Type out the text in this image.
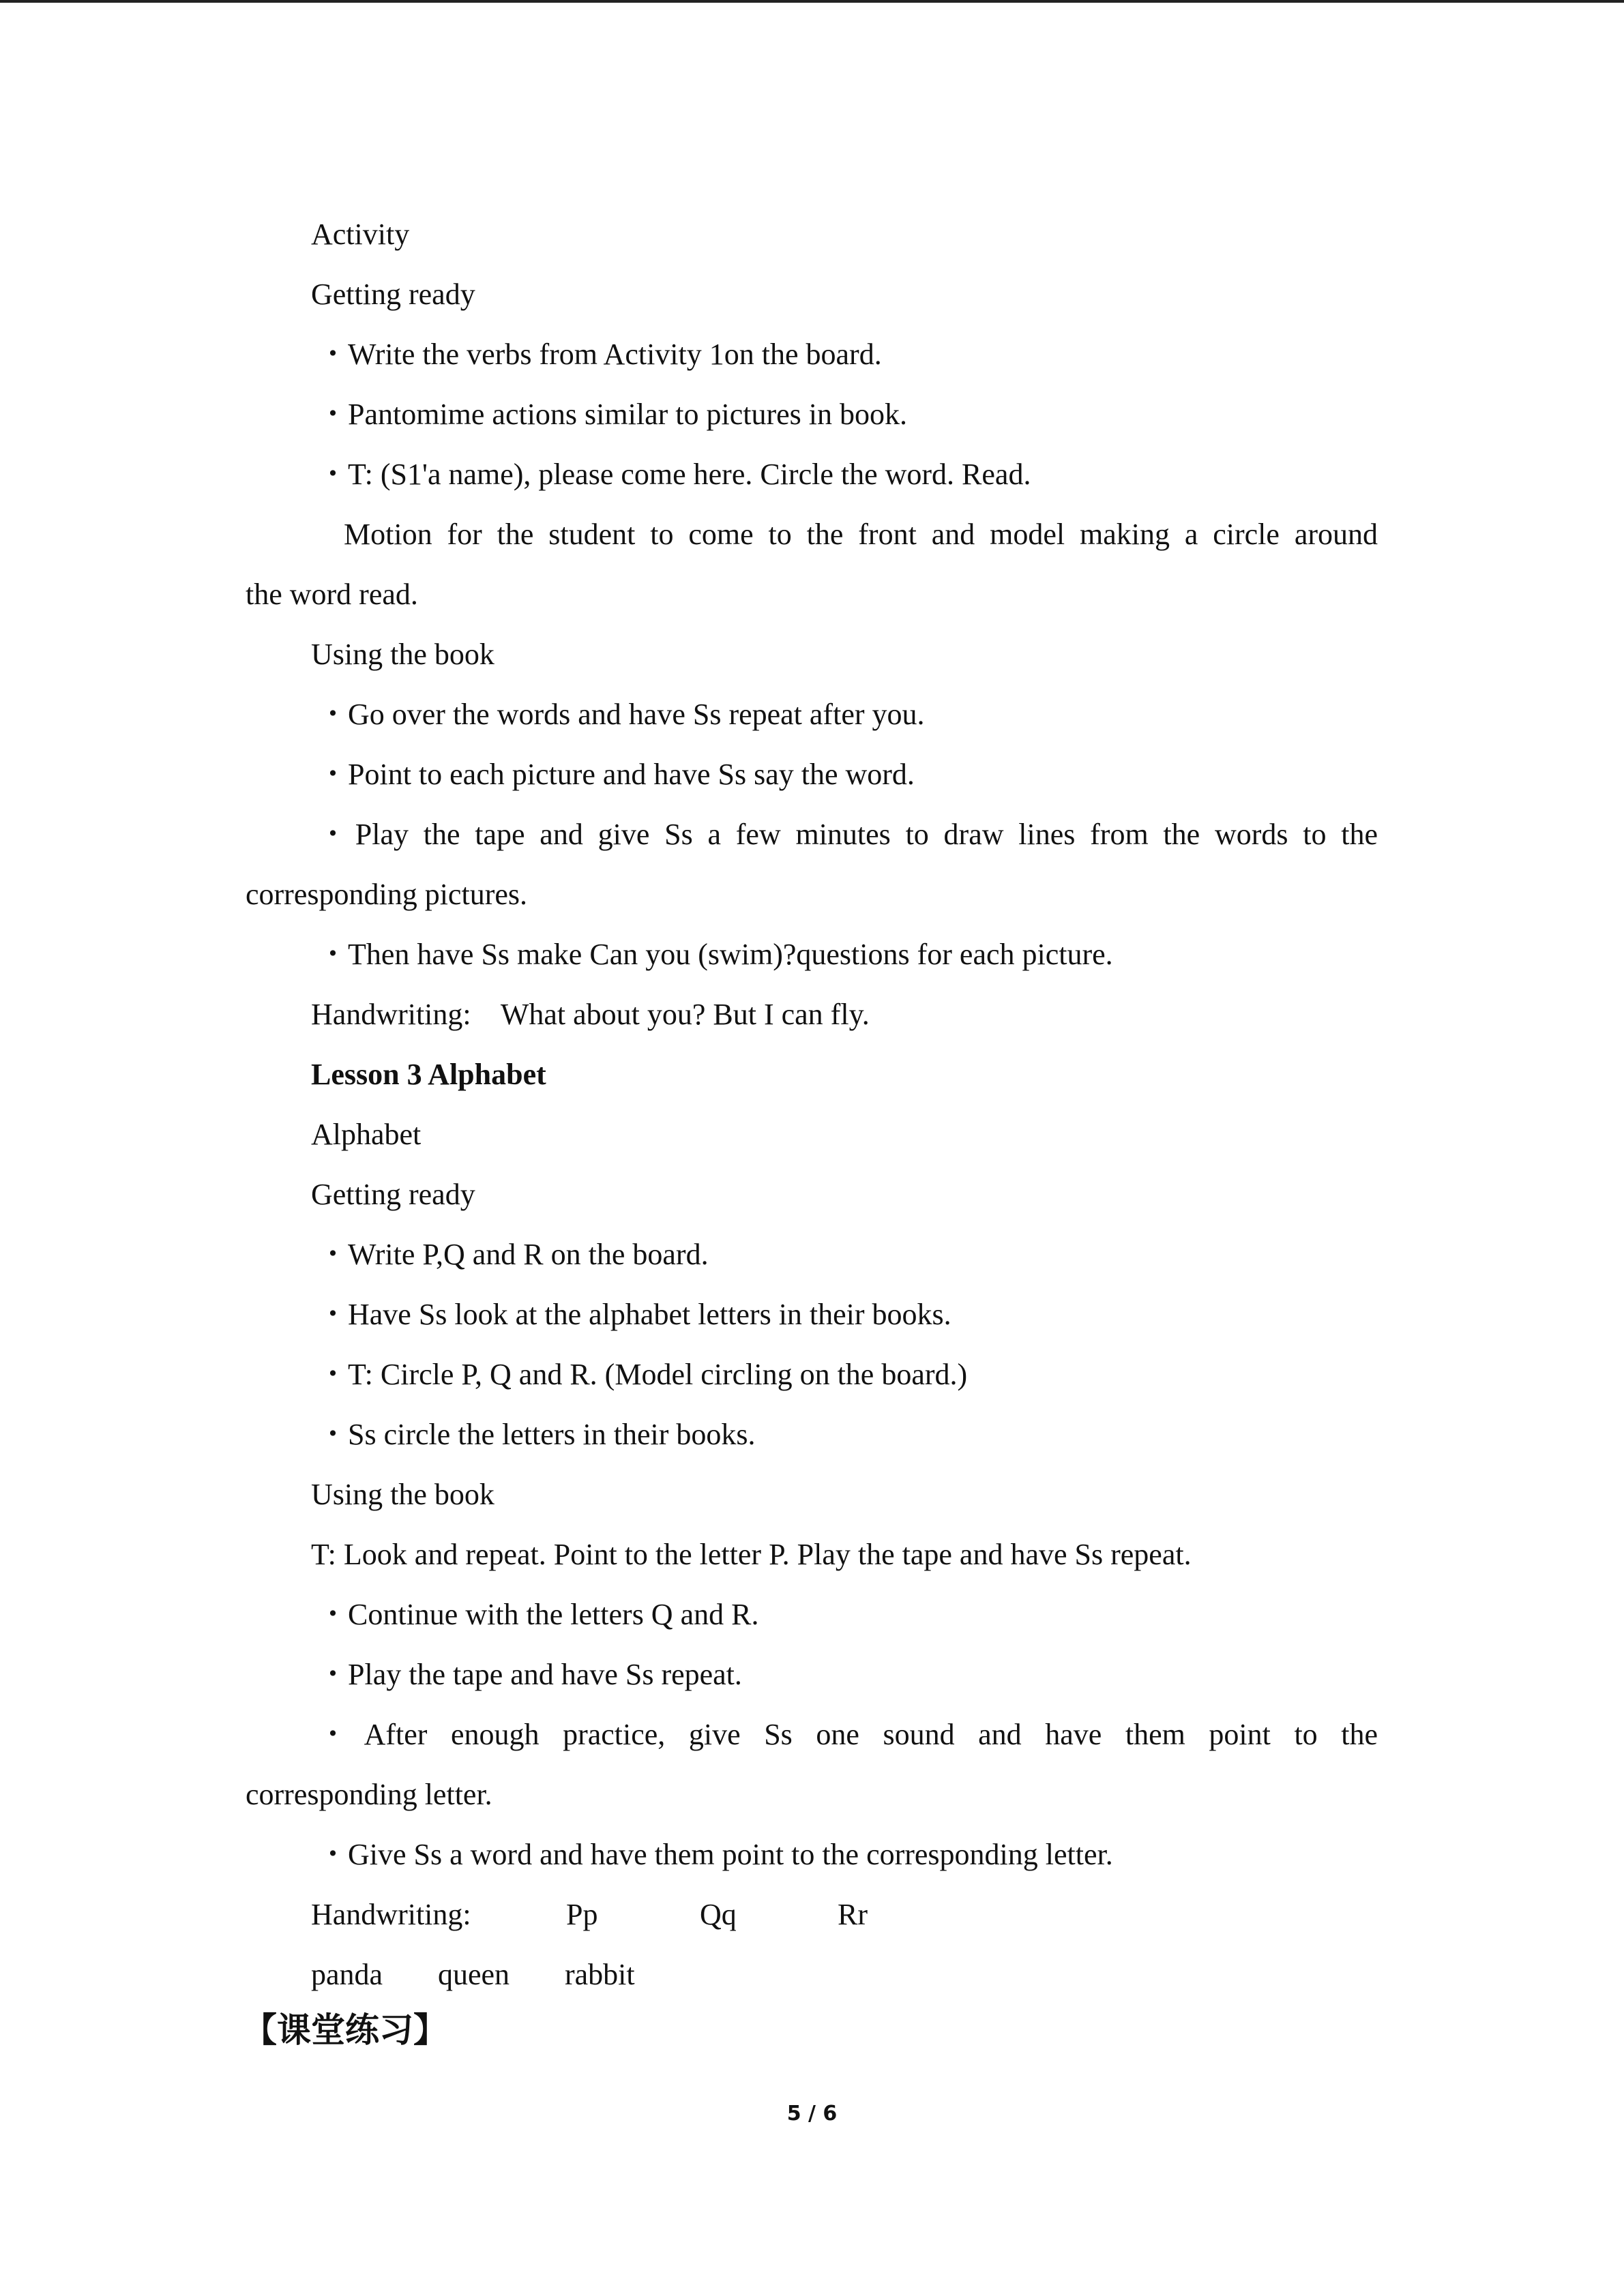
Activity
Getting ready
・Write the verbs from Activity 1on the board.
・Pantomime actions similar to pictures in book.
・T: (S1'a name), please come here. Circle the word. Read.
Motion for the student to come to the front and model making a circle around
the word read.
Using the book
・Go over the words and have Ss repeat after you.
・Point to each picture and have Ss say the word.
・Play the tape and give Ss a few minutes to draw lines from the words to the
corresponding pictures.
・Then have Ss make Can you (swim)?questions for each picture.
Handwriting:    What about you? But I can fly.
Lesson 3 Alphabet
Alphabet
Getting ready
・Write P,Q and R on the board.
・Have Ss look at the alphabet letters in their books.
・T: Circle P, Q and R. (Model circling on the board.)
・Ss circle the letters in their books.
Using the book
T: Look and repeat. Point to the letter P. Play the tape and have Ss repeat.
・Continue with the letters Q and R.
・Play the tape and have Ss repeat.
・After enough practice, give Ss one sound and have them point to the
corresponding letter.
・Give Ss a word and have them point to the corresponding letter.
Handwriting:	Pp	Qq	Rr
panda queen rabbit
【课堂练习】
5 / 6
